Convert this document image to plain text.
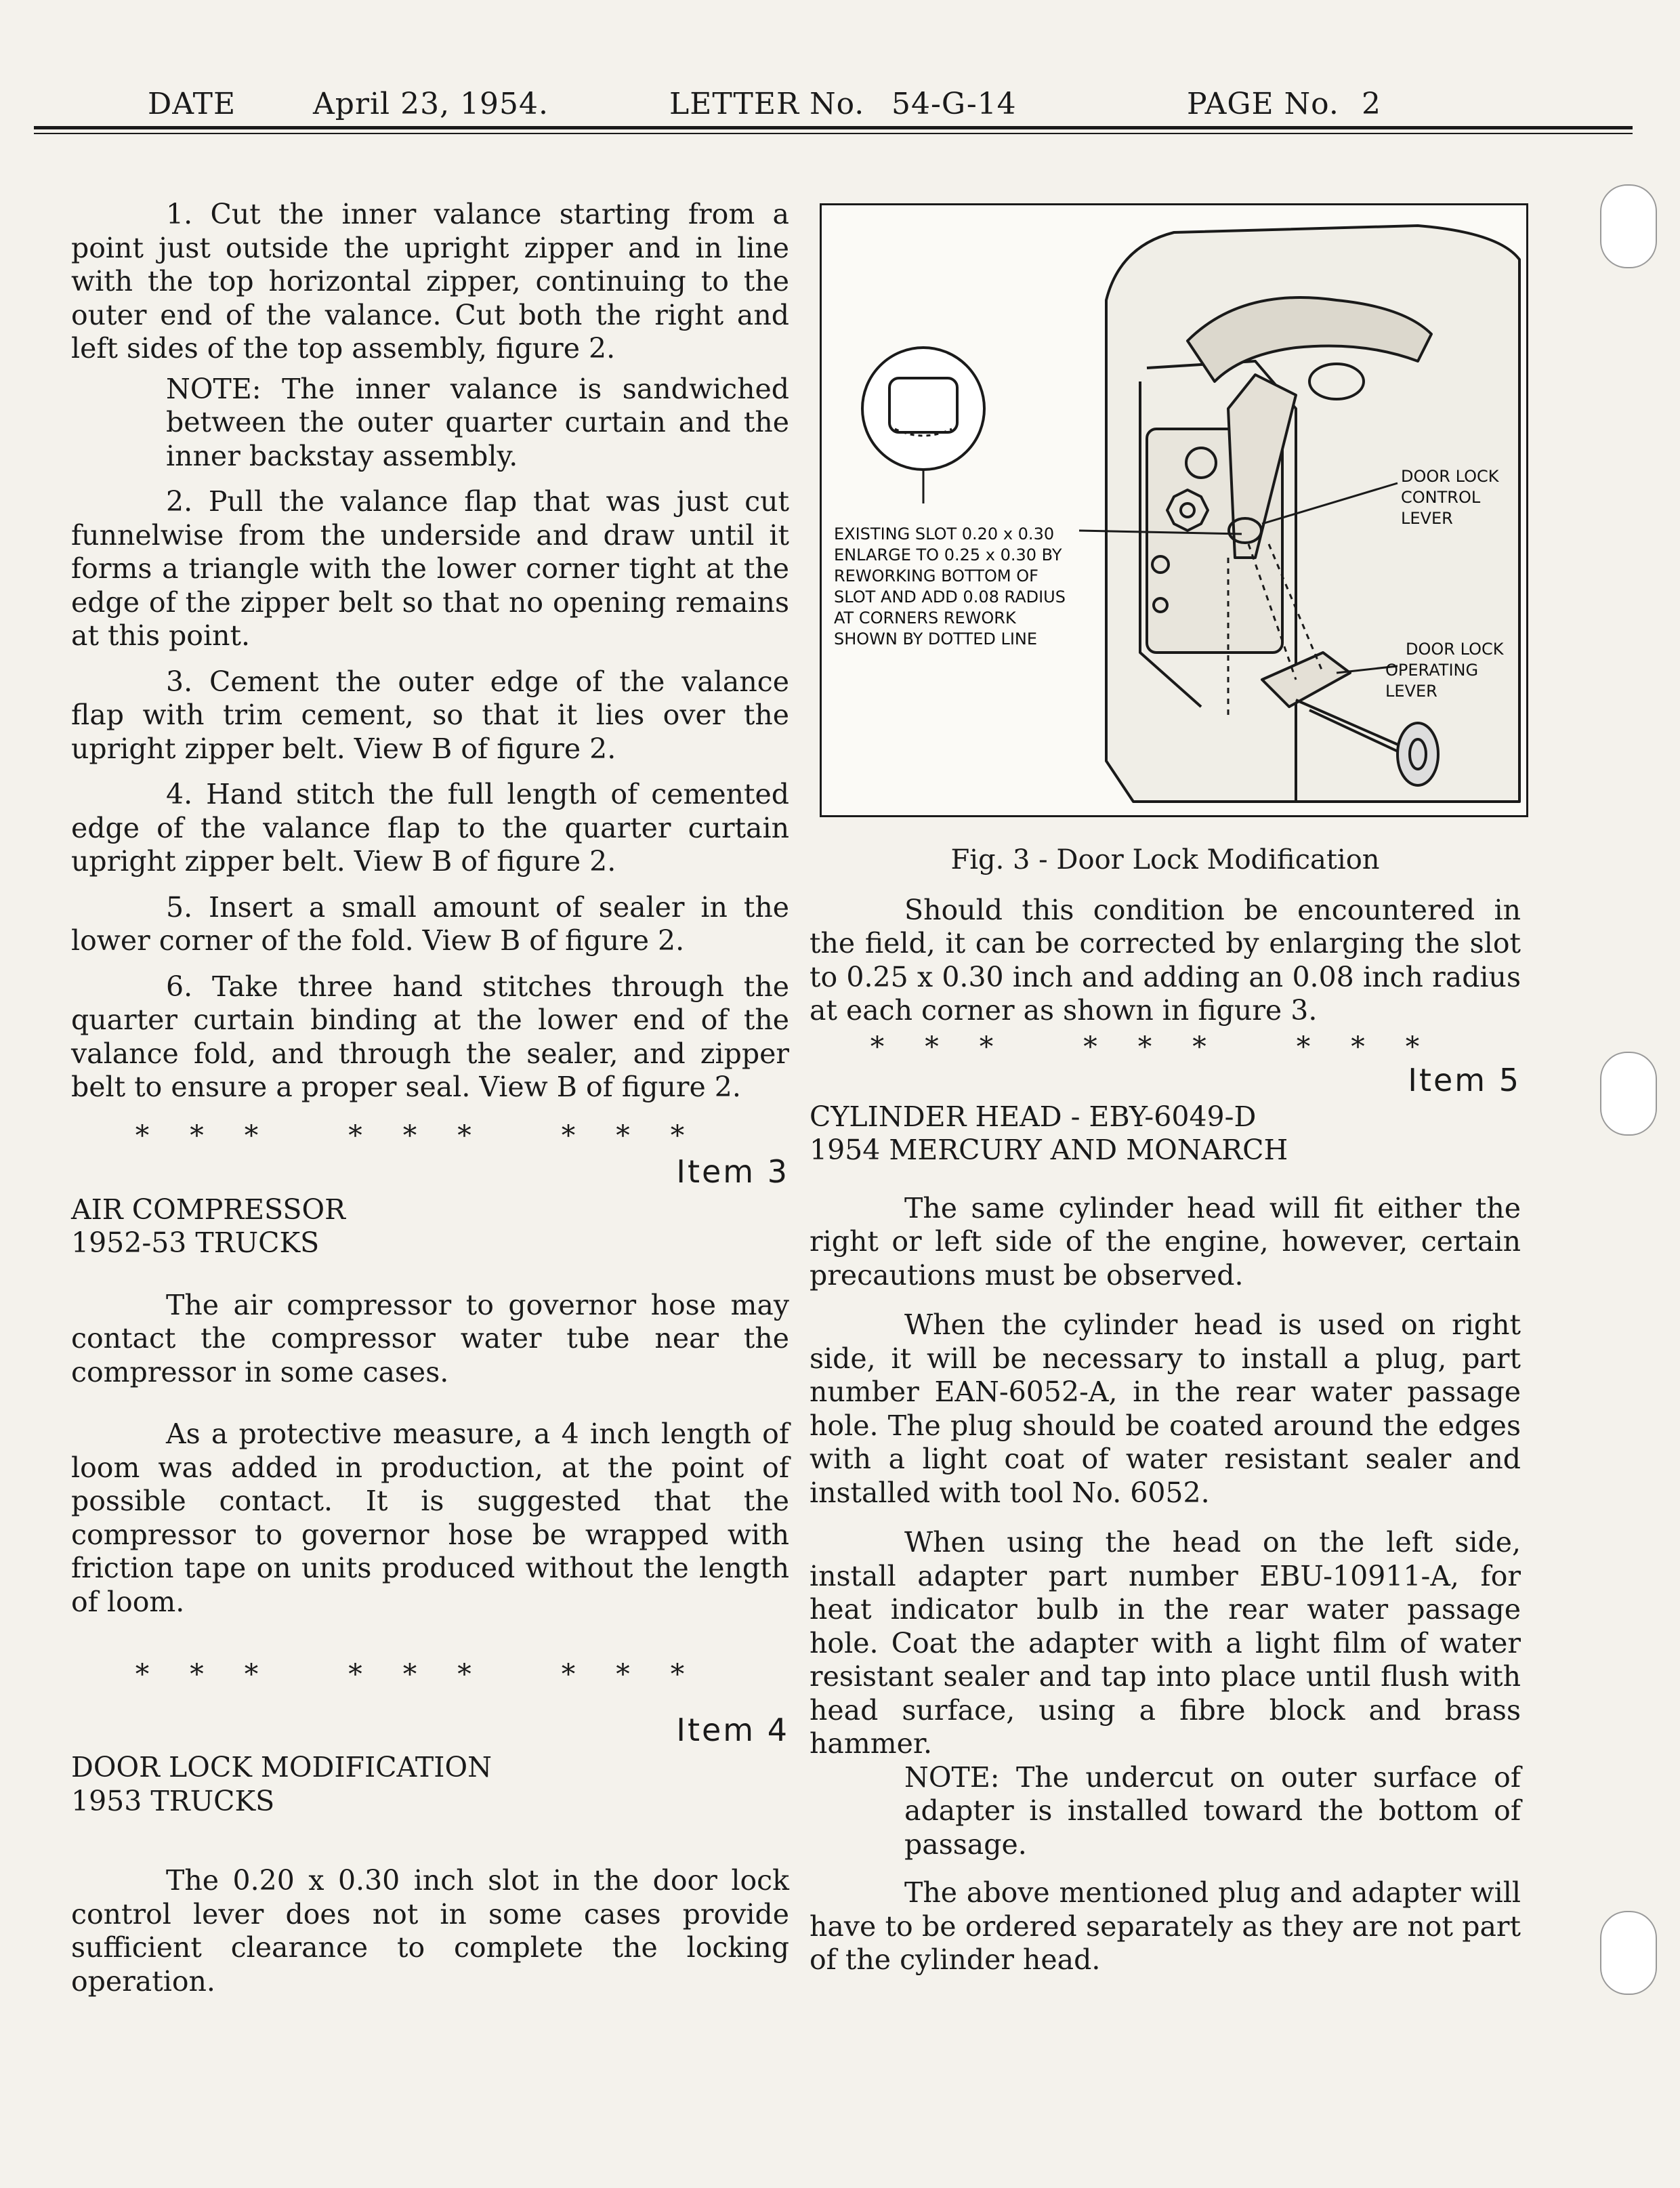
DATE	April 23, 1954.	LETTER No. 54-G-14	PAGE No. 2

1. Cut the inner valance starting from a point just outside the upright zipper and in line with the top horizontal zipper, continuing to the outer end of the valance. Cut both the right and left sides of the top assembly, figure 2.

NOTE: The inner valance is sandwiched between the outer quarter curtain and the inner backstay assembly.

2. Pull the valance flap that was just cut funnelwise from the underside and draw until it forms a triangle with the lower corner tight at the edge of the zipper belt so that no opening remains at this point.

3. Cement the outer edge of the valance flap with trim cement, so that it lies over the upright zipper belt. View B of figure 2.

4. Hand stitch the full length of cemented edge of the valance flap to the quarter curtain upright zipper belt. View B of figure 2.

5. Insert a small amount of sealer in the lower corner of the fold. View B of figure 2.

6. Take three hand stitches through the quarter curtain binding at the lower end of the valance fold, and through the sealer, and zipper belt to ensure a proper seal. View B of figure 2.

*** *** ***

Item 3

AIR COMPRESSOR

1952-53 TRUCKS

The air compressor to governor hose may contact the compressor water tube near the compressor in some cases.

As a protective measure, a 4 inch length of loom was added in production, at the point of possible contact. It is suggested that the compressor to governor hose be wrapped with friction tape on units produced without the length of loom.

*** *** ***

Item 4

DOOR LOCK MODIFICATION

1953 TRUCKS

The 0.20 x 0.30 inch slot in the door lock control lever does not in some cases provide sufficient clearance to complete the locking operation.

EXISTING SLOT 0.20 x 0.30 ENLARGE TO 0.25 x 0.30 BY REWORKING BOTTOM OF SLOT AND ADD 0.08 RADIUS AT CORNERS REWORK SHOWN BY DOTTED LINE
DOOR LOCK
CONTROL LEVER
DOOR LOCK
OPERATING LEVER

Fig. 3 - Door Lock Modification

Should this condition be encountered in the field, it can be corrected by enlarging the slot to 0.25 x 0.30 inch and adding an 0.08 inch radius at each corner as shown in figure 3.

*** *** ***

Item 5

CYLINDER HEAD - EBY-6049-D

1954 MERCURY AND MONARCH

The same cylinder head will fit either the right or left side of the engine, however, certain precautions must be observed.

When the cylinder head is used on right side, it will be necessary to install a plug, part number EAN-6052-A, in the rear water passage hole. The plug should be coated around the edges with a light coat of water resistant sealer and installed with tool No. 6052.

When using the head on the left side, install adapter part number EBU-10911-A, for heat indicator bulb in the rear water passage hole. Coat the adapter with a light film of water resistant sealer and tap into place until flush with head surface, using a fibre block and brass hammer.

NOTE: The undercut on outer surface of adapter is installed toward the bottom of passage.

The above mentioned plug and adapter will have to be ordered separately as they are not part of the cylinder head.
